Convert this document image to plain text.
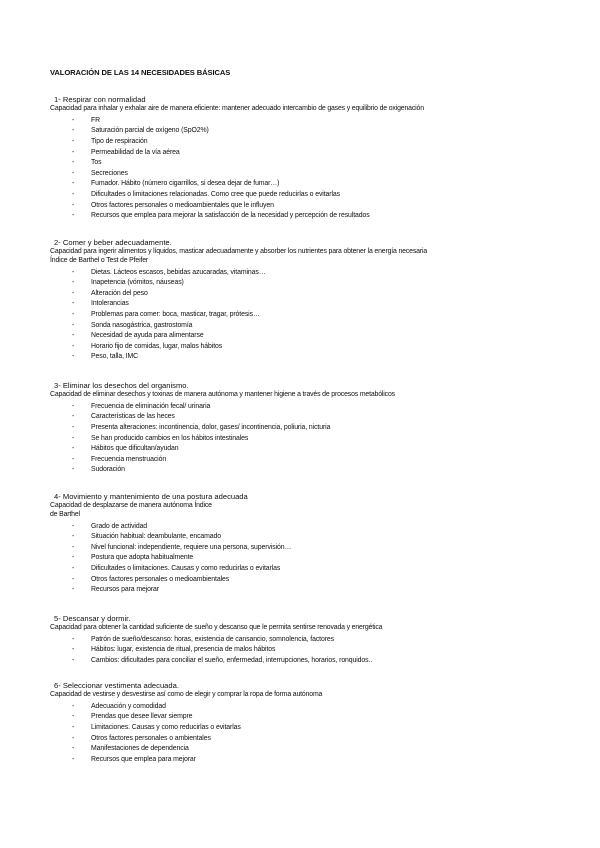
VALORACIÓN DE LAS 14 NECESIDADES BÁSICAS
1- Respirar con normalidad
Capacidad para inhalar y exhalar aire de manera eficiente: mantener adecuado intercambio de gases y equilibrio de oxigenación
- FR
- Saturación parcial de oxígeno (SpO2%)
- Tipo de respiración
- Permeabilidad de la vía aérea
- Tos
- Secreciones
- Fumador. Hábito (número cigarrillos, si desea dejar de fumar…)
- Dificultades o limitaciones relacionadas. Como cree que puede reducirlas o evitarlas
- Otros factores personales o medioambientales que le influyen
- Recursos que emplea para mejorar la satisfacción de la necesidad y percepción de resultados
2- Comer y beber adecuadamente.
Capacidad para ingerir alimentos y líquidos, masticar adecuadamente y absorber los nutrientes para obtener la energía necesaria
Índice de Barthel o Test de Pfeifer
- Dietas. Lácteos escasos, bebidas azucaradas, vitaminas…
- Inapetencia (vómitos, náuseas)
- Alteración del peso
- Intolerancias
- Problemas para comer: boca, masticar, tragar, prótesis…
- Sonda nasogástrica, gastrostomía
- Necesidad de ayuda para alimentarse
- Horario fijo de comidas, lugar, malos hábitos
- Peso, talla, IMC
3- Eliminar los desechos del organismo.
Capacidad de eliminar desechos y toxinas de manera autónoma y mantener higiene a través de procesos metabólicos
- Frecuencia de eliminación fecal/ urinaria
- Características de las heces
- Presenta alteraciones: incontinencia, dolor, gases/ incontinencia, poliuria, nicturia
- Se han producido cambios en los hábitos intestinales
- Hábitos que dificultan/ayudan
- Frecuencia menstruación
- Sudoración
4- Movimiento y mantenimiento de una postura adecuada
Capacidad de desplazarse de manera autónoma Índice
de Barthel
- Grado de actividad
- Situación habitual: deambulante, encamado
- Nivel funcional: independiente, requiere una persona, supervisión…
- Postura que adopta habitualmente
- Dificultades o limitaciones. Causas y como reducirlas o evitarlas
- Otros factores personales o medioambientales
- Recursos para mejorar
5- Descansar y dormir.
Capacidad para obtener la cantidad suficiente de sueño y descanso que le permita sentirse renovada y energética
- Patrón de sueño/descanso: horas, existencia de cansancio, somnolencia, factores
- Hábitos: lugar, existencia de ritual, presencia de malos hábitos
- Cambios: dificultades para conciliar el sueño, enfermedad, interrupciones, horarios, ronquidos..
6- Seleccionar vestimenta adecuada.
Capacidad de vestirse y desvestirse así como de elegir y comprar la ropa de forma autónoma
- Adecuación y comodidad
- Prendas que desee llevar siempre
- Limitaciones. Causas y como reducirlas o evitarlas
- Otros factores personales o ambientales
- Manifestaciones de dependencia
- Recursos que emplea para mejorar
